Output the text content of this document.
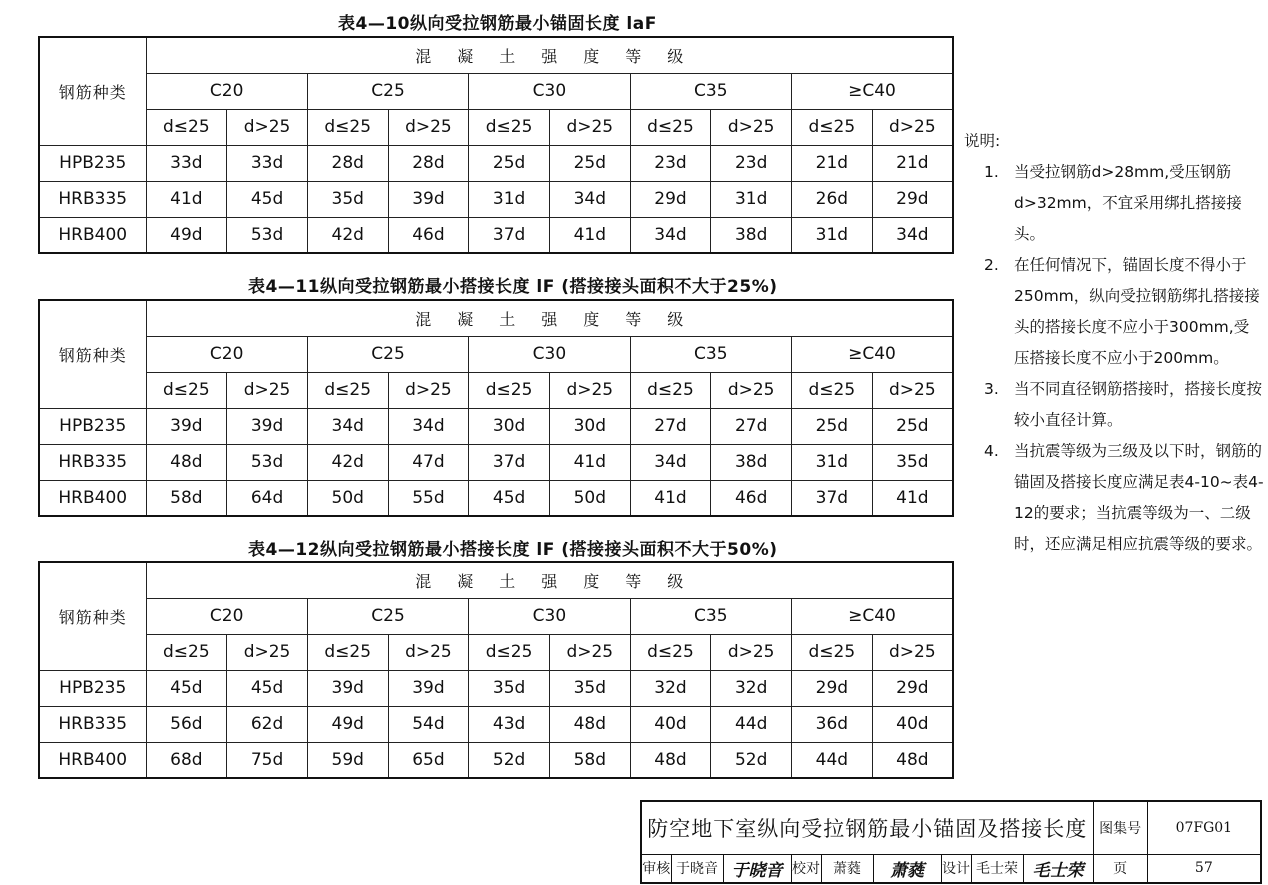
表4—10纵向受拉钢筋最小锚固长度 laF
钢筋种类	混凝土强度等级									
	C20		C25		C30		C35		≥C40	
	d≤25	d>25	d≤25	d>25	d≤25	d>25	d≤25	d>25	d≤25	d>25
HPB235	33d	33d	28d	28d	25d	25d	23d	23d	21d	21d
HRB335	41d	45d	35d	39d	31d	34d	29d	31d	26d	29d
HRB400	49d	53d	42d	46d	37d	41d	34d	38d	31d	34d
表4—11纵向受拉钢筋最小搭接长度 lF (搭接接头面积不大于25%)
钢筋种类	混凝土强度等级									
	C20		C25		C30		C35		≥C40	
	d≤25	d>25	d≤25	d>25	d≤25	d>25	d≤25	d>25	d≤25	d>25
HPB235	39d	39d	34d	34d	30d	30d	27d	27d	25d	25d
HRB335	48d	53d	42d	47d	37d	41d	34d	38d	31d	35d
HRB400	58d	64d	50d	55d	45d	50d	41d	46d	37d	41d
表4—12纵向受拉钢筋最小搭接长度 lF (搭接接头面积不大于50%)
钢筋种类	混凝土强度等级									
	C20		C25		C30		C35		≥C40	
	d≤25	d>25	d≤25	d>25	d≤25	d>25	d≤25	d>25	d≤25	d>25
HPB235	45d	45d	39d	39d	35d	35d	32d	32d	29d	29d
HRB335	56d	62d	49d	54d	43d	48d	40d	44d	36d	40d
HRB400	68d	75d	59d	65d	52d	58d	48d	52d	44d	48d
说明:
1. 当受拉钢筋d>28mm,受压钢筋d>32mm，不宜采用绑扎搭接接头。
2. 在任何情况下，锚固长度不得小于250mm，纵向受拉钢筋绑扎搭接接头的搭接长度不应小于300mm,受压搭接长度不应小于200mm。
3. 当不同直径钢筋搭接时，搭接长度按较小直径计算。
4. 当抗震等级为三级及以下时，钢筋的锚固及搭接长度应满足表4-10~表4-12的要求；当抗震等级为一、二级时，还应满足相应抗震等级的要求。
防空地下室纵向受拉钢筋最小锚固及搭接长度									图集号	07FG01
审核	于晓音	于晓音	校对	萧蕤	萧蕤	设计	毛士荣	毛士荣	页	57
